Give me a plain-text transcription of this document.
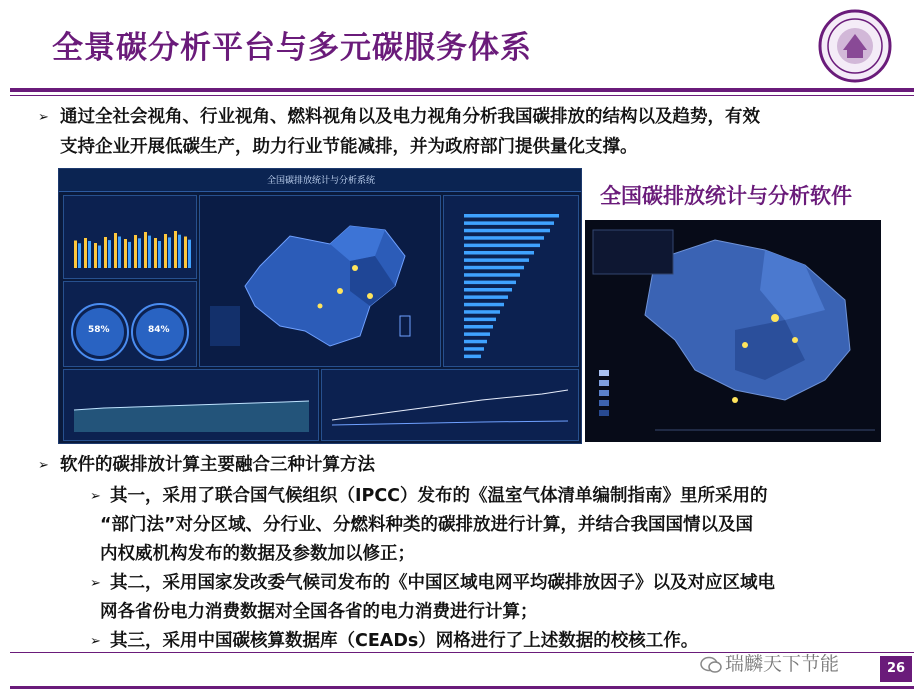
全景碳分析平台与多元碳服务体系
➢ 通过全社会视角、行业视角、燃料视角以及电力视角分析我国碳排放的结构以及趋势，有效
支持企业开展低碳生产，助力行业节能减排，并为政府部门提供量化支撑。
全国碳排放统计与分析系统
58%	84%
全国碳排放统计与分析软件
➢ 软件的碳排放计算主要融合三种计算方法
➢ 其一，采用了联合国气候组织（IPCC）发布的《温室气体清单编制指南》里所采用的
“部门法”对分区域、分行业、分燃料种类的碳排放进行计算，并结合我国国情以及国
内权威机构发布的数据及参数加以修正；
➢ 其二，采用国家发改委气候司发布的《中国区域电网平均碳排放因子》以及对应区域电
网各省份电力消费数据对全国各省的电力消费进行计算；
➢ 其三，采用中国碳核算数据库（CEADs）网格进行了上述数据的校核工作。
瑞麟天下节能	26
